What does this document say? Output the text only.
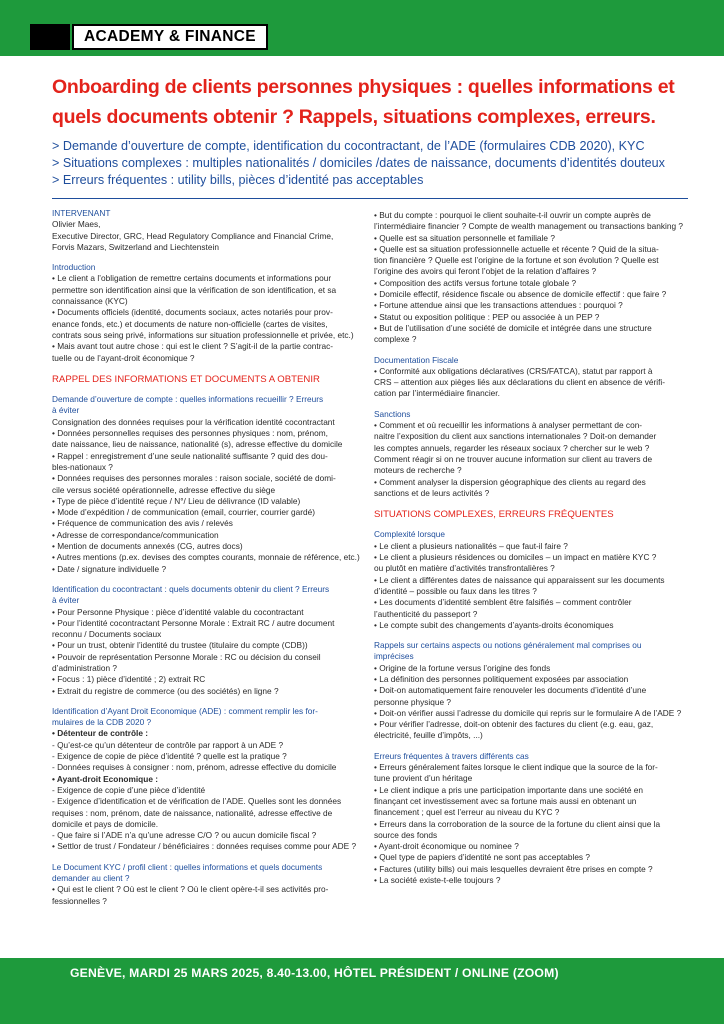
ACADEMY & FINANCE
Onboarding de clients personnes physiques : quelles informations et
quels documents obtenir ? Rappels, situations complexes, erreurs.
> Demande d’ouverture de compte, identification du cocontractant, de l’ADE (formulaires CDB 2020), KYC
> Situations complexes : multiples nationalités / domiciles /dates de naissance, documents d’identités douteux
> Erreurs fréquentes : utility bills, pièces d’identité pas acceptables
INTERVENANT
Olivier Maes,
Executive Director, GRC, Head Regulatory Compliance and Financial Crime,
Forvis Mazars, Switzerland and Liechtenstein
Introduction

• Le client a l’obligation de remettre certains documents et informations pour

permettre son identification ainsi que la vérification de son identification, et sa

connaissance (KYC)

• Documents officiels (identité, documents sociaux, actes notariés pour prov-

enance fonds, etc.) et documents de nature non-officielle (cartes de visites,

contrats sous seing privé, informations sur situation professionnelle et privée, etc.)

• Mais avant tout autre chose : qui est le client ? S’agit-il de la partie contrac-

tuelle ou de l’ayant-droit économique ?

RAPPEL DES INFORMATIONS ET DOCUMENTS A OBTENIR
Demande d’ouverture de compte : quelles informations recueillir ? Erreurs
à éviter

Consignation des données requises pour la vérification identité cocontractant

• Données personnelles requises des personnes physiques : nom, prénom,

date naissance, lieu de naissance, nationalité (s), adresse effective du domicile

• Rappel : enregistrement d’une seule nationalité suffisante ? quid des dou-

bles-nationaux ?

• Données requises des personnes morales : raison sociale, société de domi-

cile versus société opérationnelle, adresse effective du siège

• Type de pièce d’identité reçue / N°/ Lieu de délivrance (ID valable)

• Mode d’expédition / de communication (email, courrier, courrier gardé)

• Fréquence de communication des avis / relevés

• Adresse de correspondance/communication

• Mention de documents annexés (CG, autres docs)

• Autres mentions (p.ex. devises des comptes courants, monnaie de référence, etc.)

• Date / signature individuelle ?

Identification du cocontractant : quels documents obtenir du client ? Erreurs
à éviter

• Pour Personne Physique : pièce d’identité valable du cocontractant

• Pour l’identité cocontractant Personne Morale : Extrait RC / autre document

reconnu / Documents sociaux

• Pour un trust, obtenir l’identité du trustee (titulaire du compte (CDB))

• Pouvoir de représentation Personne Morale : RC ou décision du conseil

d’administration ?

• Focus : 1) pièce d’identité ; 2) extrait RC

• Extrait du registre de commerce (ou des sociétés) en ligne ?

Identification d’Ayant Droit Economique (ADE) : comment remplir les for-
mulaires de la CDB 2020 ?
• Détenteur de contrôle :

- Qu’est-ce qu’un détenteur de contrôle par rapport à un ADE ?

- Exigence de copie de pièce d’identité ? quelle est la pratique ?

- Données requises à consigner : nom, prénom, adresse effective du domicile

• Ayant-droit Economique :

- Exigence de copie d’une pièce d’identité

- Exigence d’identification et de vérification de l’ADE. Quelles sont les données

requises : nom, prénom, date de naissance, nationalité, adresse effective de

domicile et pays de domicile.

- Que faire si l’ADE n’a qu’une adresse C/O ? ou aucun domicile fiscal ?

• Settlor de trust / Fondateur / bénéficiaires : données requises comme pour ADE ?

Le Document KYC / profil client : quelles informations et quels documents
demander au client ?

• Qui est le client ? Où est le client ? Où le client opère-t-il ses activités pro-

fessionnelles ?

• But du compte : pourquoi le client souhaite-t-il ouvrir un compte auprès de

l’intermédiaire financier ? Compte de wealth management ou transactions banking ?

• Quelle est sa situation personnelle et familiale ?

• Quelle est sa situation professionnelle actuelle et récente ? Quid de la situa-

tion financière ? Quelle est l’origine de la fortune et son évolution ? Quelle est

l’origine des avoirs qui feront l’objet de la relation d’affaires ?

• Composition des actifs versus fortune totale globale ?

• Domicile effectif, résidence fiscale ou absence de domicile effectif : que faire ?

• Fortune attendue ainsi que les transactions attendues : pourquoi ?

• Statut ou exposition politique : PEP ou associée à un PEP ?

• But de l’utilisation d’une société de domicile et intégrée dans une structure

complexe ?

Documentation Fiscale

• Conformité aux obligations déclaratives (CRS/FATCA), statut par rapport à

CRS – attention aux pièges liés aux déclarations du client en absence de vérifi-

cation par l’intermédiaire financier.

Sanctions

• Comment et où recueillir les informations à analyser permettant de con-

naitre l’exposition du client aux sanctions internationales ? Doit-on demander

les comptes annuels, regarder les réseaux sociaux ? chercher sur le web ?

Comment réagir si on ne trouver aucune information sur client au travers de

moteurs de recherche ?

• Comment analyser la dispersion géographique des clients au regard des

sanctions et de leurs activités ?

SITUATIONS COMPLEXES, ERREURS FRÉQUENTES
Complexité lorsque

• Le client a plusieurs nationalités – que faut-il faire ?

• Le client a plusieurs résidences ou domiciles – un impact en matière KYC ?

ou plutôt en matière d’activités transfrontalières ?

• Le client a différentes dates de naissance qui apparaissent sur les documents

d’identité – possible ou faux dans les titres ?

• Les documents d’identité semblent être falsifiés – comment contrôler

l’authenticité du passeport ?

• Le compte subit des changements d’ayants-droits économiques

Rappels sur certains aspects ou notions généralement mal comprises ou
imprécises

• Origine de la fortune versus l’origine des fonds

• La définition des personnes politiquement exposées par association

• Doit-on automatiquement faire renouveler les documents d’identité d’une

personne physique ?

• Doit-on vérifier aussi l’adresse du domicile qui repris sur le formulaire A de l’ADE ?

• Pour vérifier l’adresse, doit-on obtenir des factures du client (e.g. eau, gaz,

électricité, feuille d’impôts, ...)

Erreurs fréquentes à travers différents cas

• Erreurs généralement faites lorsque le client indique que la source de la for-

tune provient d’un héritage

• Le client indique a pris une participation importante dans une société en

finançant cet investissement avec sa fortune mais aussi en obtenant un

financement ; quel est l’erreur au niveau du KYC ?

• Erreurs dans la corroboration de la source de la fortune du client ainsi que la

source des fonds

• Ayant-droit économique ou nominee ?

• Quel type de papiers d’identité ne sont pas acceptables ?

• Factures (utility bills) oui mais lesquelles devraient être prises en compte ?

• La société existe-t-elle toujours ?

GENÈVE, MARDI 25 MARS 2025, 8.40-13.00, HÔTEL PRÉSIDENT / ONLINE (ZOOM)
